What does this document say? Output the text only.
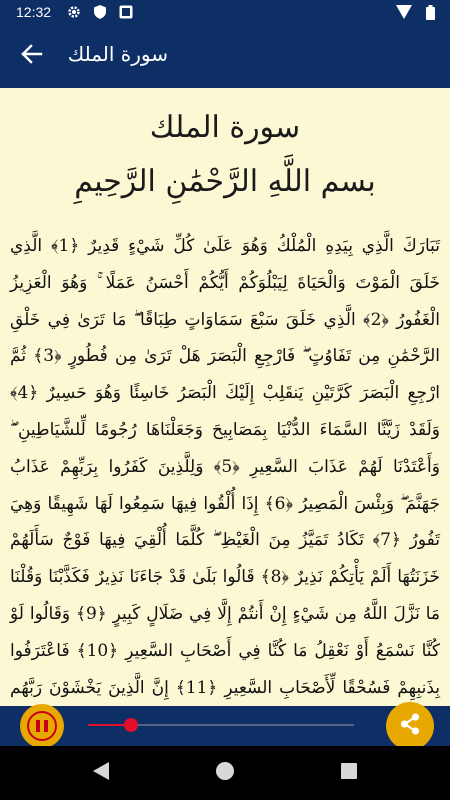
12:32
سورة الملك
سورة الملك
بسم اللَّهِ الرَّحْمَٰنِ الرَّحِيمِ
تَبَارَكَ الَّذِي بِيَدِهِ الْمُلْكُ وَهُوَ عَلَىٰ كُلِّ شَيْءٍ قَدِيرٌ ﴿1﴾ الَّذِي خَلَقَ الْمَوْتَ وَالْحَيَاةَ لِيَبْلُوَكُمْ أَيُّكُمْ أَحْسَنُ عَمَلًا ۚ وَهُوَ الْعَزِيزُ الْغَفُورُ ﴿2﴾ الَّذِي خَلَقَ سَبْعَ سَمَاوَاتٍ طِبَاقًا ۖ مَا تَرَىٰ فِي خَلْقِ الرَّحْمَٰنِ مِن تَفَاوُتٍ ۖ فَارْجِعِ الْبَصَرَ هَلْ تَرَىٰ مِن فُطُورٍ ﴿3﴾ ثُمَّ ارْجِعِ الْبَصَرَ كَرَّتَيْنِ يَنقَلِبْ إِلَيْكَ الْبَصَرُ خَاسِئًا وَهُوَ حَسِيرٌ ﴿4﴾ وَلَقَدْ زَيَّنَّا السَّمَاءَ الدُّنْيَا بِمَصَابِيحَ وَجَعَلْنَاهَا رُجُومًا لِّلشَّيَاطِينِ ۖ وَأَعْتَدْنَا لَهُمْ عَذَابَ السَّعِيرِ ﴿5﴾ وَلِلَّذِينَ كَفَرُوا بِرَبِّهِمْ عَذَابُ جَهَنَّمَ ۖ وَبِئْسَ الْمَصِيرُ ﴿6﴾ إِذَا أُلْقُوا فِيهَا سَمِعُوا لَهَا شَهِيقًا وَهِيَ تَفُورُ ﴿7﴾ تَكَادُ تَمَيَّزُ مِنَ الْغَيْظِ ۖ كُلَّمَا أُلْقِيَ فِيهَا فَوْجٌ سَأَلَهُمْ خَزَنَتُهَا أَلَمْ يَأْتِكُمْ نَذِيرٌ ﴿8﴾ قَالُوا بَلَىٰ قَدْ جَاءَنَا نَذِيرٌ فَكَذَّبْنَا وَقُلْنَا مَا نَزَّلَ اللَّهُ مِن شَيْءٍ إِنْ أَنتُمْ إِلَّا فِي ضَلَالٍ كَبِيرٍ ﴿9﴾ وَقَالُوا لَوْ كُنَّا نَسْمَعُ أَوْ نَعْقِلُ مَا كُنَّا فِي أَصْحَابِ السَّعِيرِ ﴿10﴾ فَاعْتَرَفُوا بِذَنبِهِمْ فَسُحْقًا لِّأَصْحَابِ السَّعِيرِ ﴿11﴾ إِنَّ الَّذِينَ يَخْشَوْنَ رَبَّهُم
